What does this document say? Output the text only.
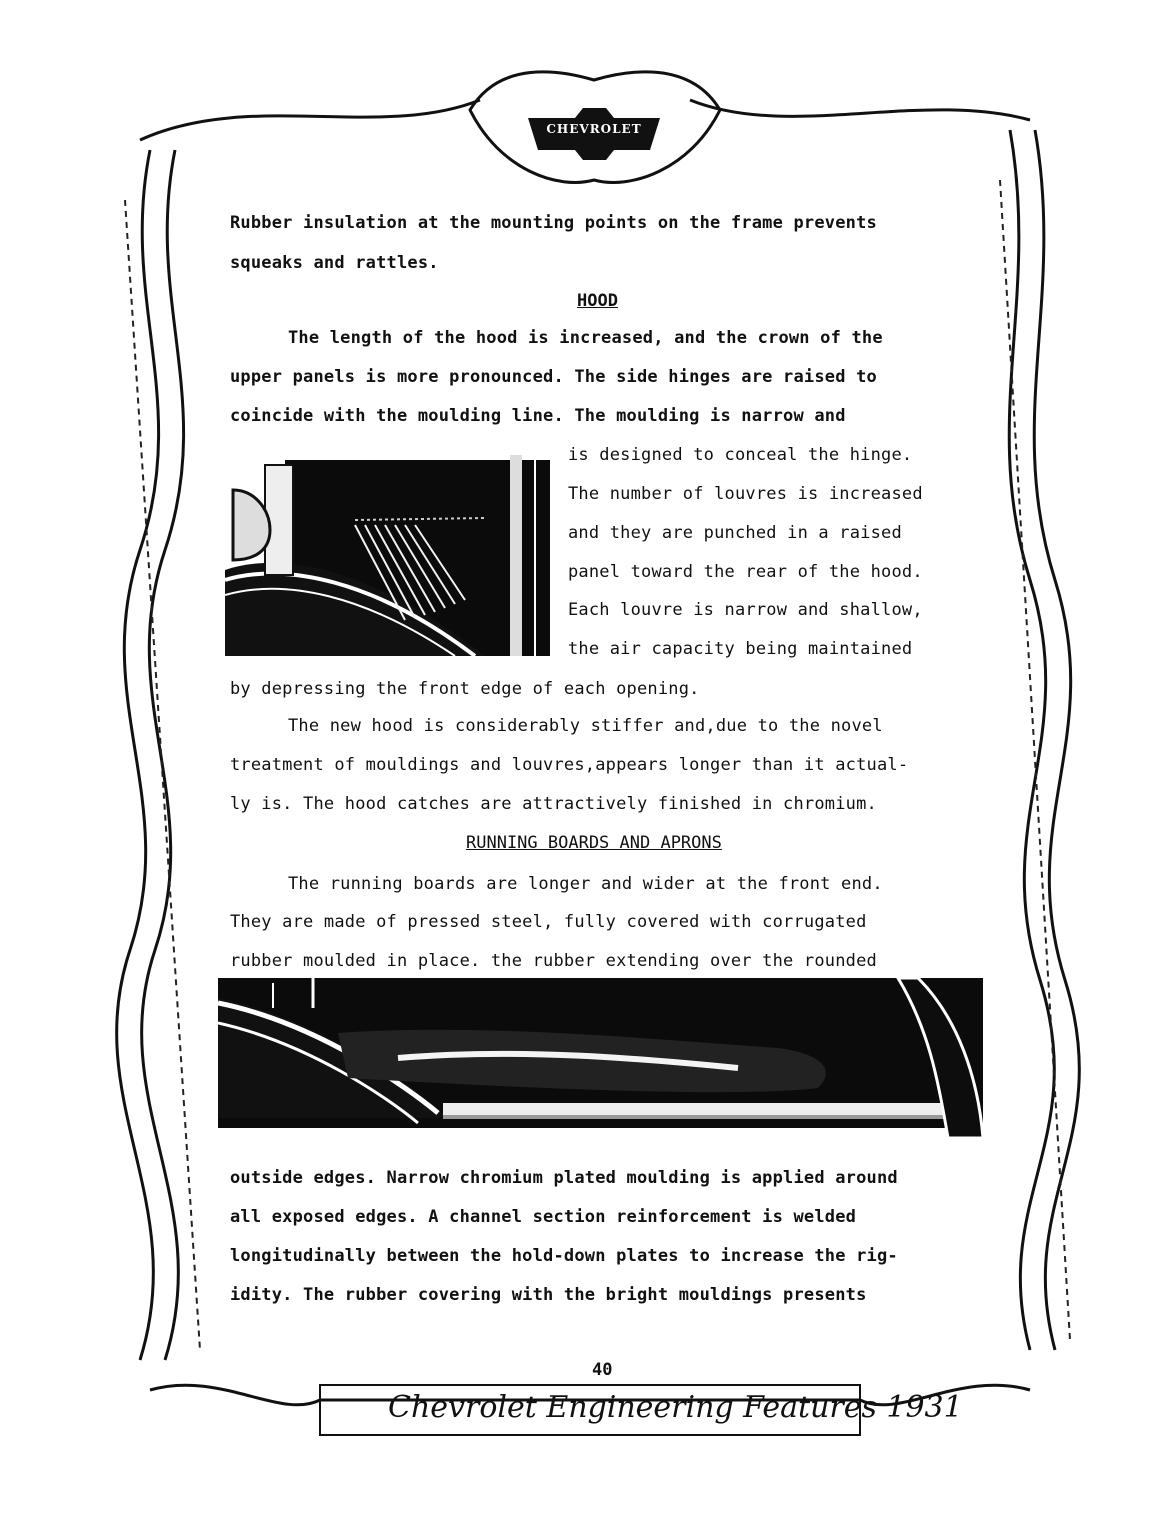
CHEVROLET
Rubber insulation at the mounting points on the frame prevents
squeaks and rattles.
HOOD
The length of the hood is increased, and the crown of the
upper panels is more pronounced. The side hinges are raised to
coincide with the moulding line. The moulding is narrow and
is designed to conceal the hinge.
The number of louvres is increased
and they are punched in a raised
panel toward the rear of the hood.
Each louvre is narrow and shallow,
the air capacity being maintained
by depressing the front edge of each opening.
The new hood is considerably stiffer and,due to the novel
treatment of mouldings and louvres,appears longer than it actual-
ly is. The hood catches are attractively finished in chromium.
RUNNING BOARDS AND APRONS
The running boards are longer and wider at the front end.
They are made of pressed steel, fully covered with corrugated
rubber moulded in place. the rubber extending over the rounded
outside edges. Narrow chromium plated moulding is applied around
all exposed edges. A channel section reinforcement is welded
longitudinally between the hold-down plates to increase the rig-
idity. The rubber covering with the bright mouldings presents
40
Chevrolet Engineering Features 1931
